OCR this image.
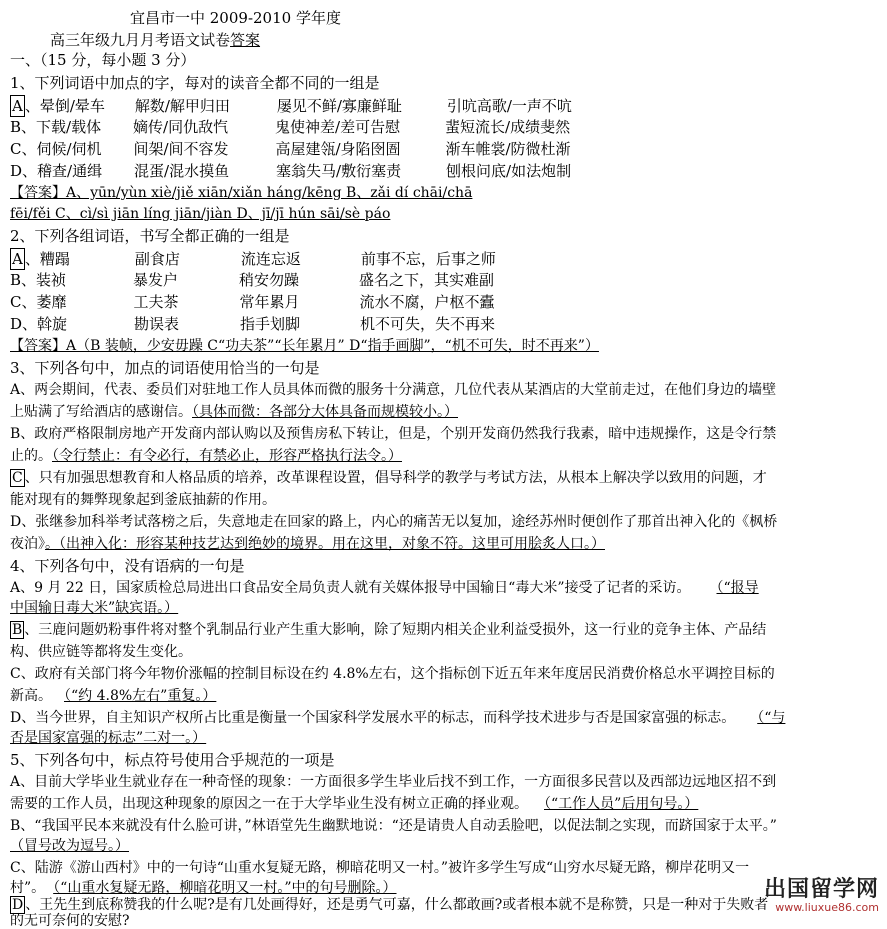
宜昌市一中 2009-2010 学年度
高三年级九月月考语文试卷答案
一、（15 分，每小题 3 分）
1、下列词语中加点的字，每对的读音全都不同的一组是
A 、晕倒/晕车 解数/解甲归田	屡见不鲜/寡廉鲜耻	引吭高歌/一声不吭
B、下载/载体 嫡传/同仇敌忾	鬼使神差/差可告慰	蜚短流长/成绩斐然
C、伺候/伺机 间架/间不容发	高屋建瓴/身陷囹圄	渐车帷裳/防微杜渐
D、稽查/通缉 混蛋/混水摸鱼	塞翁失马/敷衍塞责	刨根问底/如法炮制
【答案】A、yūn/yùn xiè/jiě xiān/xiǎn háng/kēng B、zǎi dí chāi/chā
fēi/fěi C、cì/sì jiān líng jiān/jiàn D、jī/jī hún sāi/sè páo
2、下列各组词语，书写全都正确的一组是
A 、糟蹋	副食店	流连忘返	前事不忘，后事之师
B、装祯	暴发户	稍安勿躁	盛名之下，其实难副
C、萎靡	工夫茶	常年累月	流水不腐，户枢不蠹
D、斡旋	勘误表	指手划脚	机不可失，失不再来
【答案】A（B 装帧，少安毋躁 C“功夫茶”“长年累月” D“指手画脚”，“机不可失，时不再来”）
3、下列各句中，加点的词语使用恰当的一句是
A、两会期间，代表、委员们对驻地工作人员具体而微的服务十分满意，几位代表从某酒店的大堂前走过，在他们身边的墙壁
上贴满了写给酒店的感谢信。（具体而微：各部分大体具备而规模较小。）
B、政府严格限制房地产开发商内部认购以及预售房私下转让，但是，个别开发商仍然我行我素，暗中违规操作，这是令行禁
止的。（令行禁止：有令必行，有禁必止，形容严格执行法令。）
C 、只有加强思想教育和人格品质的培养，改革课程设置，倡导科学的教学与考试方法，从根本上解决学以致用的问题，才
能对现有的舞弊现象起到釜底抽薪的作用。
D、张继参加科举考试落榜之后，失意地走在回家的路上，内心的痛苦无以复加，途经苏州时便创作了那首出神入化的《枫桥
夜泊》。（出神入化：形容某种技艺达到绝妙的境界。用在这里，对象不符。这里可用脍炙人口。）
4、下列各句中，没有语病的一句是
A、9 月 22 日，国家质检总局进出口食品安全局负责人就有关媒体报导中国输日“毒大米”接受了记者的采访。 （“报导
中国输日毒大米”缺宾语。）
B 、三鹿问题奶粉事件将对整个乳制品行业产生重大影响，除了短期内相关企业利益受损外，这一行业的竞争主体、产品结
构、供应链等都将发生变化。
C、政府有关部门将今年物价涨幅的控制目标设在约 4.8%左右，这个指标创下近五年来年度居民消费价格总水平调控目标的
新高。 （“约 4.8%左右”重复。）
D、当今世界，自主知识产权所占比重是衡量一个国家科学发展水平的标志，而科学技术进步与否是国家富强的标志。 （“与
否是国家富强的标志”二对一。）
5、下列各句中，标点符号使用合乎规范的一项是
A、目前大学毕业生就业存在一种奇怪的现象：一方面很多学生毕业后找不到工作，一方面很多民营以及西部边远地区招不到
需要的工作人员，出现这种现象的原因之一在于大学毕业生没有树立正确的择业观。 （“工作人员”后用句号。）
B、“我国平民本来就没有什么脸可讲，”林语堂先生幽默地说：“还是请贵人自动丢脸吧，以促法制之实现，而跻国家于太平。”
（冒号改为逗号。）
C、陆游《游山西村》中的一句诗“山重水复疑无路，柳暗花明又一村。”被许多学生写成“山穷水尽疑无路，柳岸花明又一
村”。 （“山重水复疑无路，柳暗花明又一村。”中的句号删除。）
D 、王先生到底称赞我的什么呢?是有几处画得好，还是勇气可嘉，什么都敢画?或者根本就不是称赞，只是一种对于失败者
的无可奈何的安慰?
出国留学网
www.liuxue86.com
